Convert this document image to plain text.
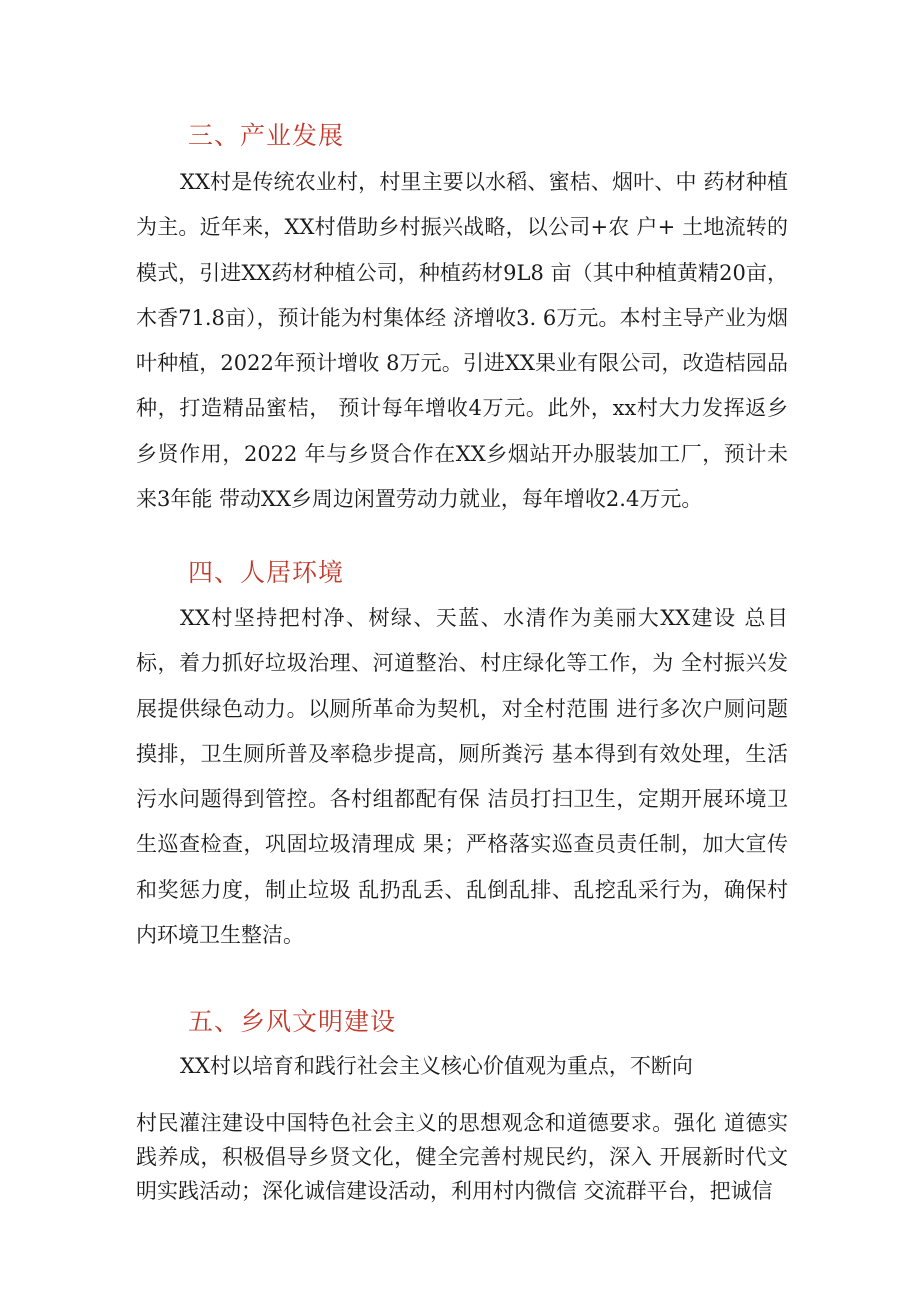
三、产业发展

XX村是传统农业村，村里主要以水稻、蜜桔、烟叶、中 药材种植为主。近年来，XX村借助乡村振兴战略，以公司+农 户+ 土地流转的模式，引进XX药材种植公司，种植药材9L8 亩（其中种植黄精20亩，木香71.8亩），预计能为村集体经 济增收3. 6万元。本村主导产业为烟叶种植，2022年预计增收 8万元。引进XX果业有限公司，改造桔园品种，打造精品蜜桔， 预计每年增收4万元。此外，xx村大力发挥返乡乡贤作用，2022 年与乡贤合作在XX乡烟站开办服装加工厂，预计未来3年能 带动XX乡周边闲置劳动力就业，每年增收2.4万元。

四、人居环境

XX村坚持把村净、树绿、天蓝、水清作为美丽大XX建设 总目标，着力抓好垃圾治理、河道整治、村庄绿化等工作，为 全村振兴发展提供绿色动力。以厕所革命为契机，对全村范围 进行多次户厕问题摸排，卫生厕所普及率稳步提高，厕所粪污 基本得到有效处理，生活污水问题得到管控。各村组都配有保 洁员打扫卫生，定期开展环境卫生巡查检查，巩固垃圾清理成 果；严格落实巡查员责任制，加大宣传和奖惩力度，制止垃圾 乱扔乱丢、乱倒乱排、乱挖乱采行为，确保村内环境卫生整洁。

五、乡风文明建设

XX村以培育和践行社会主义核心价值观为重点，不断向

村民灌注建设中国特色社会主义的思想观念和道德要求。强化 道德实践养成，积极倡导乡贤文化，健全完善村规民约，深入 开展新时代文明实践活动；深化诚信建设活动，利用村内微信 交流群平台，把诚信
